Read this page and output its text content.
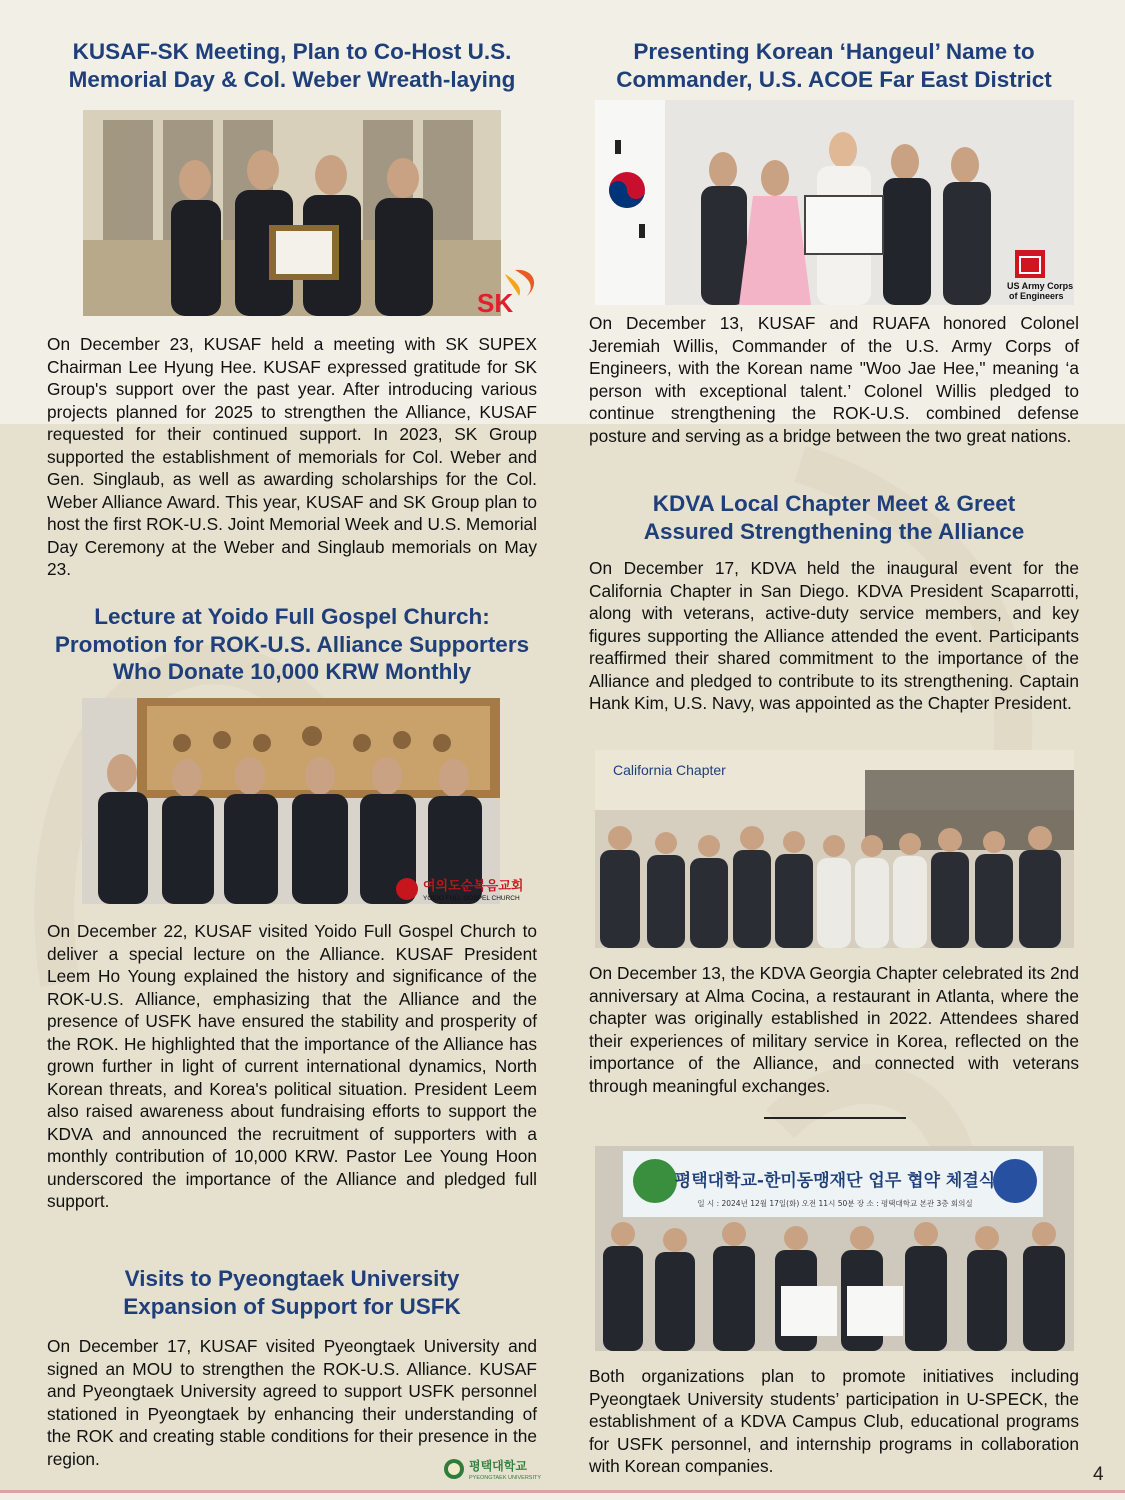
KUSAF-SK Meeting, Plan to Co-Host U.S.
Memorial Day & Col. Weber Wreath-laying
SK

On December 23, KUSAF held a meeting with SK SUPEX Chairman Lee Hyung Hee. KUSAF expressed gratitude for SK Group's support over the past year. After introducing various projects planned for 2025 to strengthen the Alliance, KUSAF requested for their continued support. In 2023, SK Group supported the establishment of memorials for Col. Weber and Gen. Singlaub, as well as awarding scholarships for the Col. Weber Alliance Award. This year, KUSAF and SK Group plan to host the first ROK-U.S. Joint Memorial Week and U.S. Memorial Day Ceremony at the Weber and Singlaub memorials on May 23.

Lecture at Yoido Full Gospel Church:
Promotion for ROK-U.S. Alliance Supporters
Who Donate 10,000 KRW Monthly
여의도순복음교회
YOIDO FULL GOSPEL CHURCH

On December 22, KUSAF visited Yoido Full Gospel Church to deliver a special lecture on the Alliance. KUSAF President Leem Ho Young explained the history and significance of the ROK-U.S. Alliance, emphasizing that the Alliance and the presence of USFK have ensured the stability and prosperity of the ROK. He highlighted that the importance of the Alliance has grown further in light of current international dynamics, North Korean threats, and Korea's political situation. President Leem also raised awareness about fundraising efforts to support the KDVA and announced the recruitment of supporters with a monthly contribution of 10,000 KRW. Pastor Lee Young Hoon underscored the importance of the Alliance and pledged full support.

Visits to Pyeongtaek University
Expansion of Support for USFK

On December 17, KUSAF visited Pyeongtaek University and signed an MOU to strengthen the ROK-U.S. Alliance. KUSAF and Pyeongtaek University agreed to support USFK personnel stationed in Pyeongtaek by enhancing their understanding of the ROK and creating stable conditions for their presence in the region.	평택대학교
PYEONGTAEK UNIVERSITY
Presenting Korean ‘Hangeul’ Name to
Commander, U.S. ACOE Far East District
US Army Corps
of Engineers

On December 13, KUSAF and RUAFA honored Colonel Jeremiah Willis, Commander of the U.S. Army Corps of Engineers, with the Korean name "Woo Jae Hee," meaning ‘a person with exceptional talent.’ Colonel Willis pledged to continue strengthening the ROK-U.S. combined defense posture and serving as a bridge between the two great nations.

KDVA Local Chapter Meet & Greet
Assured Strengthening the Alliance

On December 17, KDVA held the inaugural event for the California Chapter in San Diego. KDVA President Scaparrotti, along with veterans, active-duty service members, and key figures supporting the Alliance attended the event. Participants reaffirmed their shared commitment to the importance of the Alliance and pledged to contribute to its strengthening. Captain Hank Kim, U.S. Navy, was appointed as the Chapter President.

California Chapter

On December 13, the KDVA Georgia Chapter celebrated its 2nd anniversary at Alma Cocina, a restaurant in Atlanta, where the chapter was originally established in 2022. Attendees shared their experiences of military service in Korea, reflected on the importance of the Alliance, and connected with veterans through meaningful exchanges.

평택대학교-한미동맹재단 업무 협약 체결식
일 시 : 2024년 12월 17일(화) 오전 11시 50분 장 소 : 평택대학교 본관 3층 회의실

Both organizations plan to promote initiatives including Pyeongtaek University students’ participation in U-SPECK, the establishment of a KDVA Campus Club, educational programs for USFK personnel, and internship programs in collaboration with Korean companies.	4
